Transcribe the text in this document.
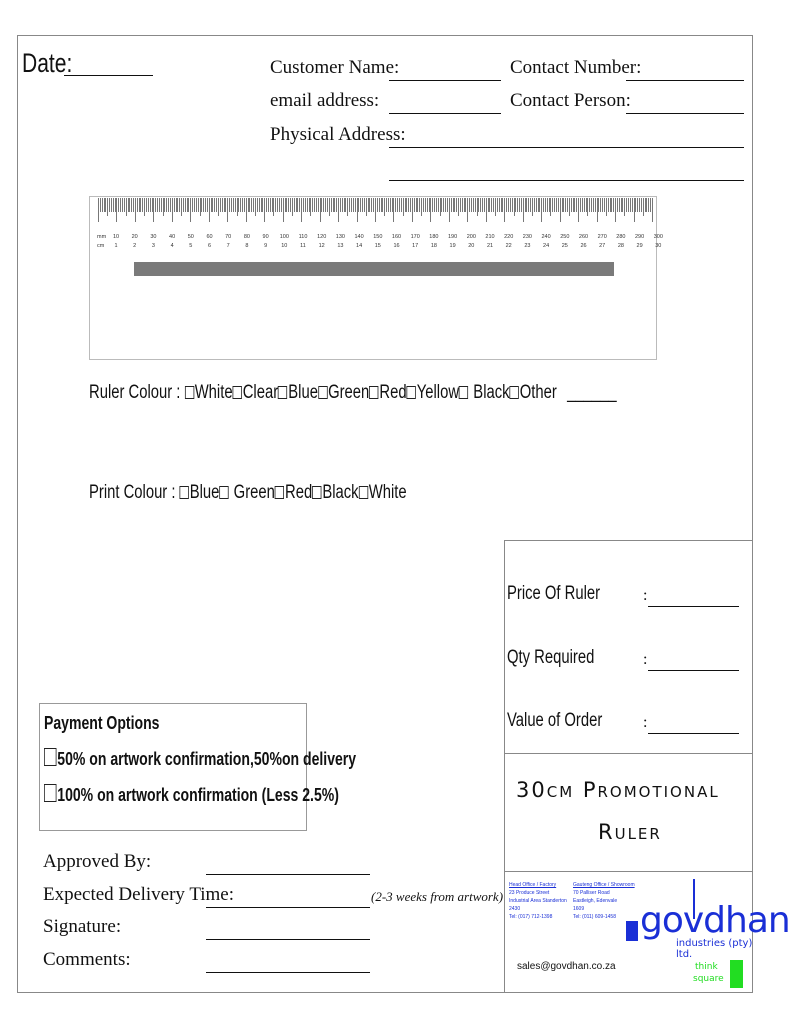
Date:	Customer Name:	Contact Number:
email address:	Contact Person:
Physical Address:
mm
cm
10 20 30 40 50 60 70 80 90 100 110 120 130 140 150 160 170 180 190 200 210 220 230 240 250 260 270 280 290 300
1	2	3	4	5	6	7	8	9	10 11 12 13 14 15 16 17 18 19 20 21 22 23 24 25 26 27 28 29 30
Ruler Colour : White Clear Blue Green Red Yellow Black Other ______
Print Colour : Blue Green Red Black White
Price Of Ruler	:
Qty Required	:
Value of Order	:
30cm Promotional
Ruler
Payment Options
50% on artwork confirmation,50%on delivery
100% on artwork confirmation (Less 2.5%)
Approved By:
Expected Delivery Time:	(2-3 weeks from artwork)
Signature:
Comments:
Head Office / Factory
23 Produce Street
Industrial Area Standerton
2430
Tel: (017) 712-1398
Gauteng Office / Showroom
70 Palliser Road
Eastleigh, Edenvale
1609
Tel: (011) 609-1458 govdhan
industries (pty) ltd.
sales@govdhan.co.za	think
square
